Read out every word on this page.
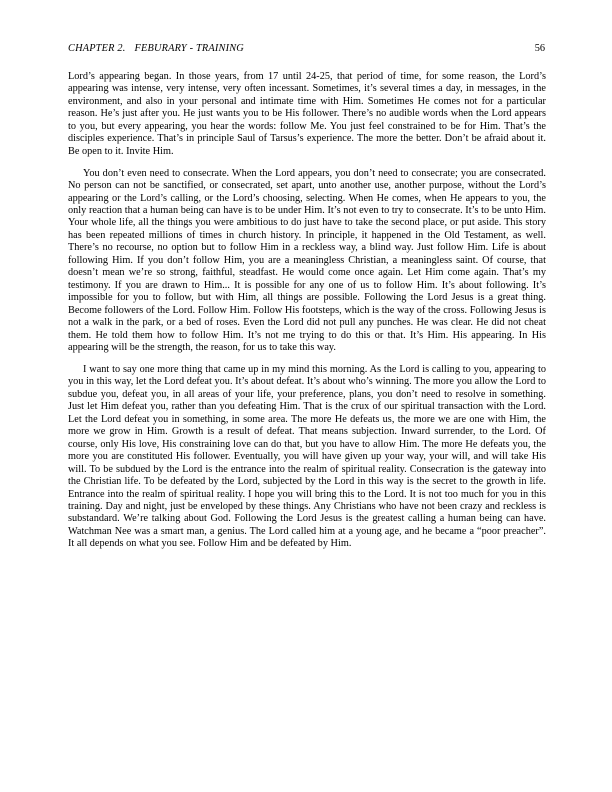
CHAPTER 2. FEBURARY - TRAINING	56

Lord’s appearing began. In those years, from 17 until 24-25, that period of time, for some reason, the Lord’s appearing was intense, very intense, very often incessant. Sometimes, it’s several times a day, in messages, in the environment, and also in your personal and intimate time with Him. Sometimes He comes not for a particular reason. He’s just after you. He just wants you to be His follower. There’s no audible words when the Lord appears to you, but every appearing, you hear the words: follow Me. You just feel constrained to be for Him. That’s the disciples experience. That’s in principle Saul of Tarsus’s experience. The more the better. Don’t be afraid about it. Be open to it. Invite Him.

You don’t even need to consecrate. When the Lord appears, you don’t need to consecrate; you are consecrated. No person can not be sanctified, or consecrated, set apart, unto another use, another purpose, without the Lord’s appearing or the Lord’s calling, or the Lord’s choosing, selecting. When He comes, when He appears to you, the only reaction that a human being can have is to be under Him. It’s not even to try to consecrate. It’s to be unto Him. Your whole life, all the things you were ambitious to do just have to take the second place, or put aside. This story has been repeated millions of times in church history. In principle, it happened in the Old Testament, as well. There’s no recourse, no option but to follow Him in a reckless way, a blind way. Just follow Him. Life is about following Him. If you don’t follow Him, you are a meaningless Christian, a meaningless saint. Of course, that doesn’t mean we’re so strong, faithful, steadfast. He would come once again. Let Him come again. That’s my testimony. If you are drawn to Him... It is possible for any one of us to follow Him. It’s about following. It’s impossible for you to follow, but with Him, all things are possible. Following the Lord Jesus is a great thing. Become followers of the Lord. Follow Him. Follow His footsteps, which is the way of the cross. Following Jesus is not a walk in the park, or a bed of roses. Even the Lord did not pull any punches. He was clear. He did not cheat them. He told them how to follow Him. It’s not me trying to do this or that. It’s Him. His appearing. In His appearing will be the strength, the reason, for us to take this way.

I want to say one more thing that came up in my mind this morning. As the Lord is calling to you, appearing to you in this way, let the Lord defeat you. It’s about defeat. It’s about who’s winning. The more you allow the Lord to subdue you, defeat you, in all areas of your life, your preference, plans, you don’t need to resolve in something. Just let Him defeat you, rather than you defeating Him. That is the crux of our spiritual transaction with the Lord. Let the Lord defeat you in something, in some area. The more He defeats us, the more we are one with Him, the more we grow in Him. Growth is a result of defeat. That means subjection. Inward surrender, to the Lord. Of course, only His love, His constraining love can do that, but you have to allow Him. The more He defeats you, the more you are constituted His follower. Eventually, you will have given up your way, your will, and will take His will. To be subdued by the Lord is the entrance into the realm of spiritual reality. Consecration is the gateway into the Christian life. To be defeated by the Lord, subjected by the Lord in this way is the secret to the growth in life. Entrance into the realm of spiritual reality. I hope you will bring this to the Lord. It is not too much for you in this training. Day and night, just be enveloped by these things. Any Christians who have not been crazy and reckless is substandard. We’re talking about God. Following the Lord Jesus is the greatest calling a human being can have. Watchman Nee was a smart man, a genius. The Lord called him at a young age, and he became a “poor preacher”. It all depends on what you see. Follow Him and be defeated by Him.
